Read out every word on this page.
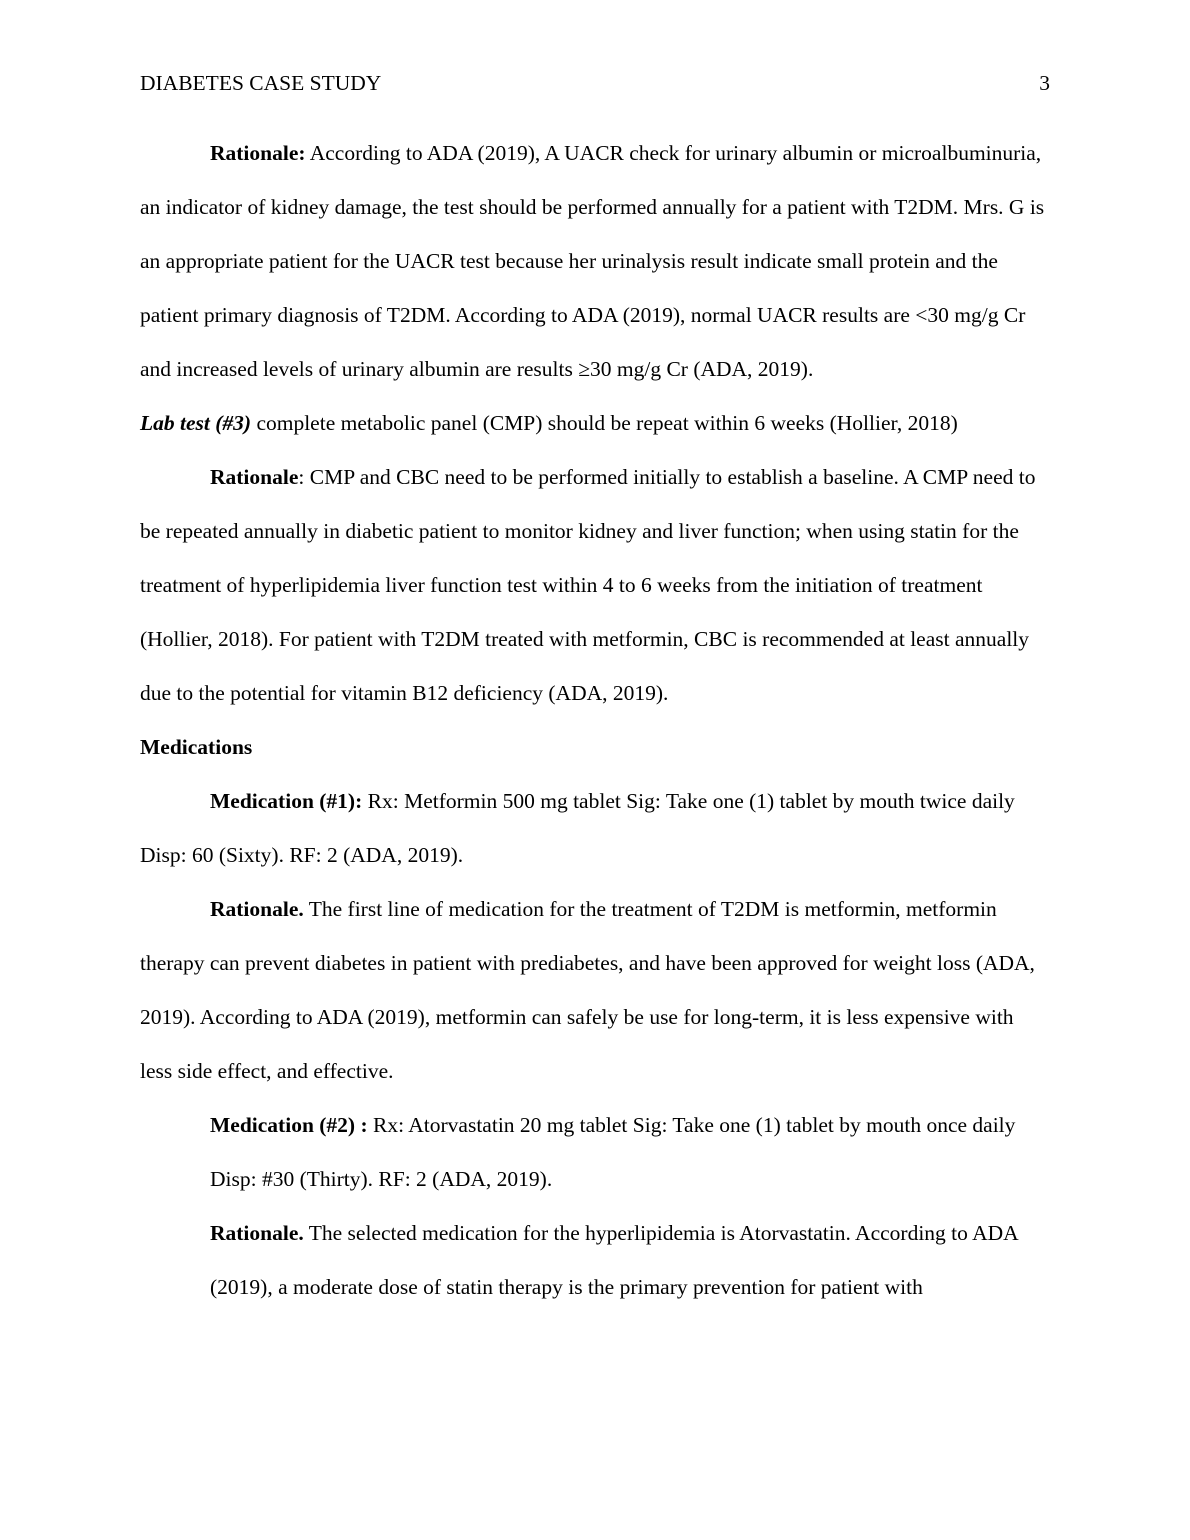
DIABETES CASE STUDY	3

Rationale: According to ADA (2019), A UACR check for urinary albumin or microalbuminuria, an indicator of kidney damage, the test should be performed annually for a patient with T2DM. Mrs. G is an appropriate patient for the UACR test because her urinalysis result indicate small protein and the patient primary diagnosis of T2DM. According to ADA (2019), normal UACR results are <30 mg/g Cr and increased levels of urinary albumin are results ≥30 mg/g Cr (ADA, 2019).

Lab test (#3) complete metabolic panel (CMP) should be repeat within 6 weeks (Hollier, 2018)

Rationale: CMP and CBC need to be performed initially to establish a baseline. A CMP need to be repeated annually in diabetic patient to monitor kidney and liver function; when using statin for the treatment of hyperlipidemia liver function test within 4 to 6 weeks from the initiation of treatment (Hollier, 2018). For patient with T2DM treated with metformin, CBC is recommended at least annually due to the potential for vitamin B12 deficiency (ADA, 2019).

Medications

Medication (#1): Rx: Metformin 500 mg tablet Sig: Take one (1) tablet by mouth twice daily Disp: 60 (Sixty). RF: 2 (ADA, 2019).

Rationale. The first line of medication for the treatment of T2DM is metformin, metformin therapy can prevent diabetes in patient with prediabetes, and have been approved for weight loss (ADA, 2019). According to ADA (2019), metformin can safely be use for long-term, it is less expensive with less side effect, and effective.

Medication (#2) : Rx: Atorvastatin 20 mg tablet Sig: Take one (1) tablet by mouth once daily Disp: #30 (Thirty). RF: 2 (ADA, 2019).

Rationale. The selected medication for the hyperlipidemia is Atorvastatin. According to ADA (2019), a moderate dose of statin therapy is the primary prevention for patient with
